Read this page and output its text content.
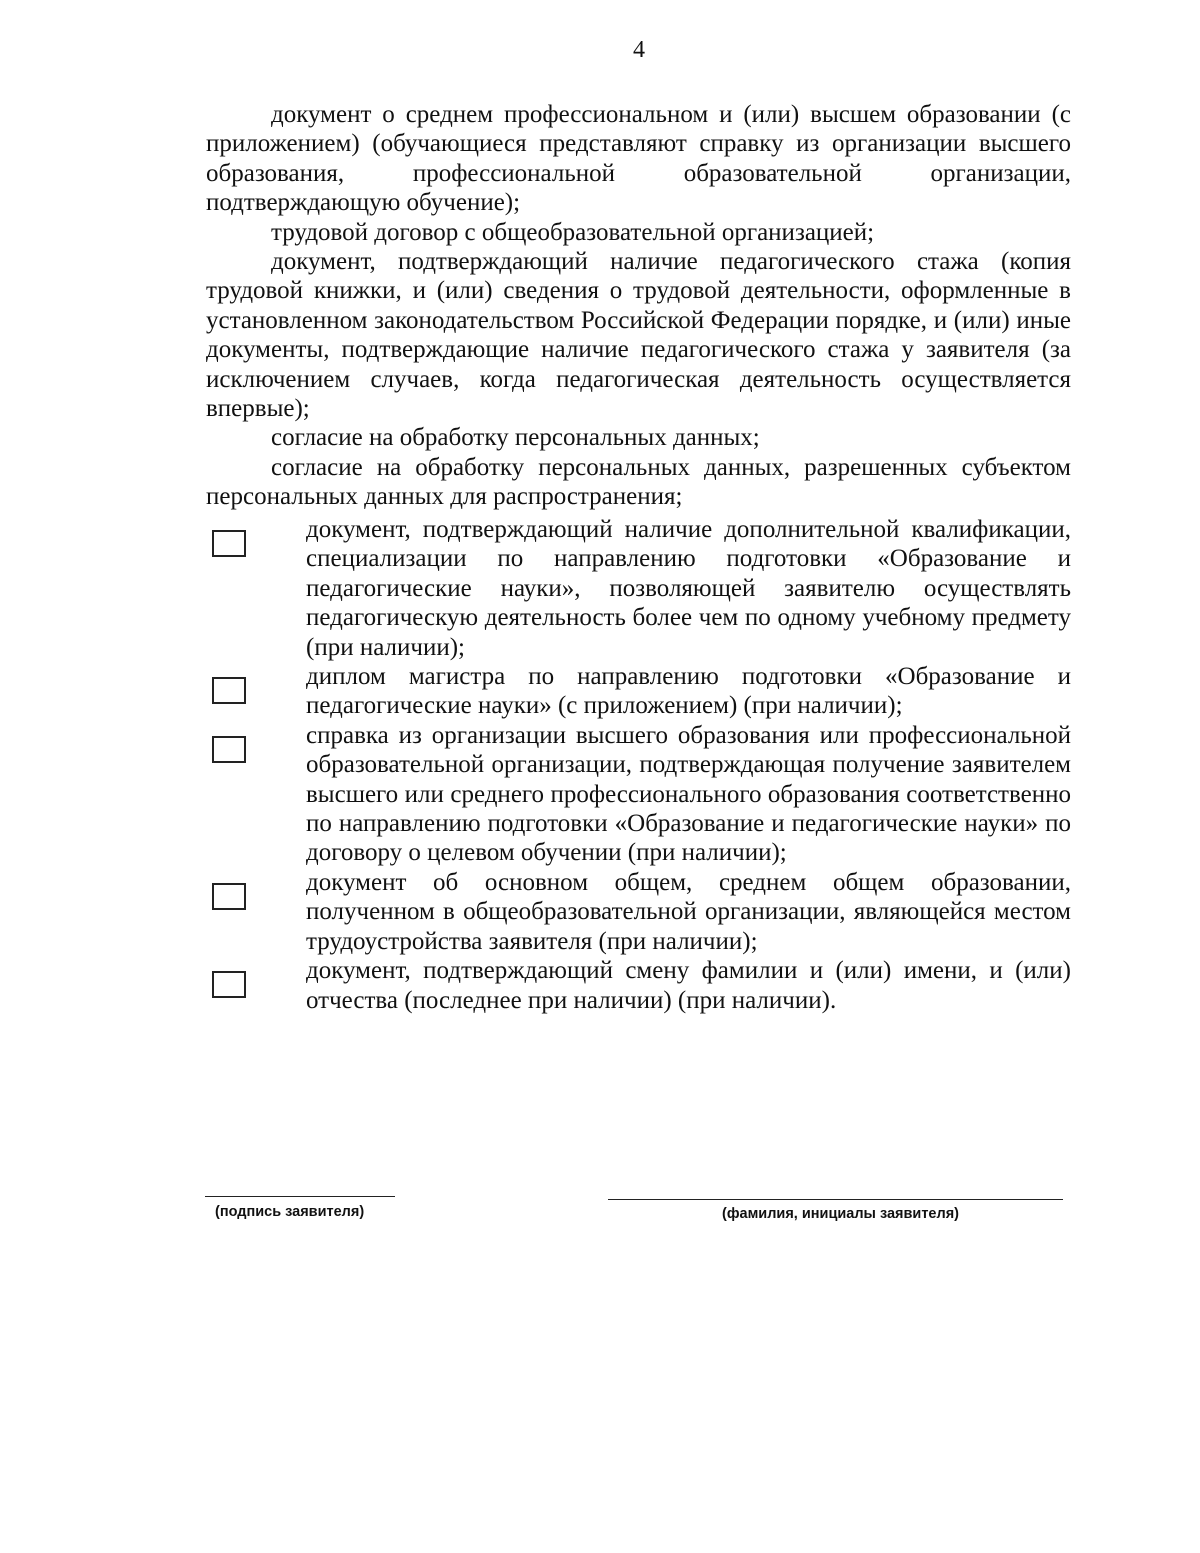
4

документ о среднем профессиональном и (или) высшем образовании (с приложением) (обучающиеся представляют справку из организации высшего образования, профессиональной образовательной организации, подтверждающую обучение);

трудовой договор с общеобразовательной организацией;

документ, подтверждающий наличие педагогического стажа (копия трудовой книжки, и (или) сведения о трудовой деятельности, оформленные в установленном законодательством Российской Федерации порядке, и (или) иные документы, подтверждающие наличие педагогического стажа у заявителя (за исключением случаев, когда педагогическая деятельность осуществляется впервые);

согласие на обработку персональных данных;

согласие на обработку персональных данных, разрешенных субъектом персональных данных для распространения;

документ, подтверждающий наличие дополнительной квалификации, специализации по направлению подготовки «Образование и педагогические науки», позволяющей заявителю осуществлять педагогическую деятельность более чем по одному учебному предмету (при наличии);
диплом магистра по направлению подготовки «Образование и педагогические науки» (с приложением) (при наличии);
справка из организации высшего образования или профессиональной образовательной организации, подтверждающая получение заявителем высшего или среднего профессионального образования соответственно по направлению подготовки «Образование и педагогические науки» по договору о целевом обучении (при наличии);
документ об основном общем, среднем общем образовании, полученном в общеобразовательной организации, являющейся местом трудоустройства заявителя (при наличии);
документ, подтверждающий смену фамилии и (или) имени, и (или) отчества (последнее при наличии) (при наличии).
(подпись заявителя)	(фамилия, инициалы заявителя)
